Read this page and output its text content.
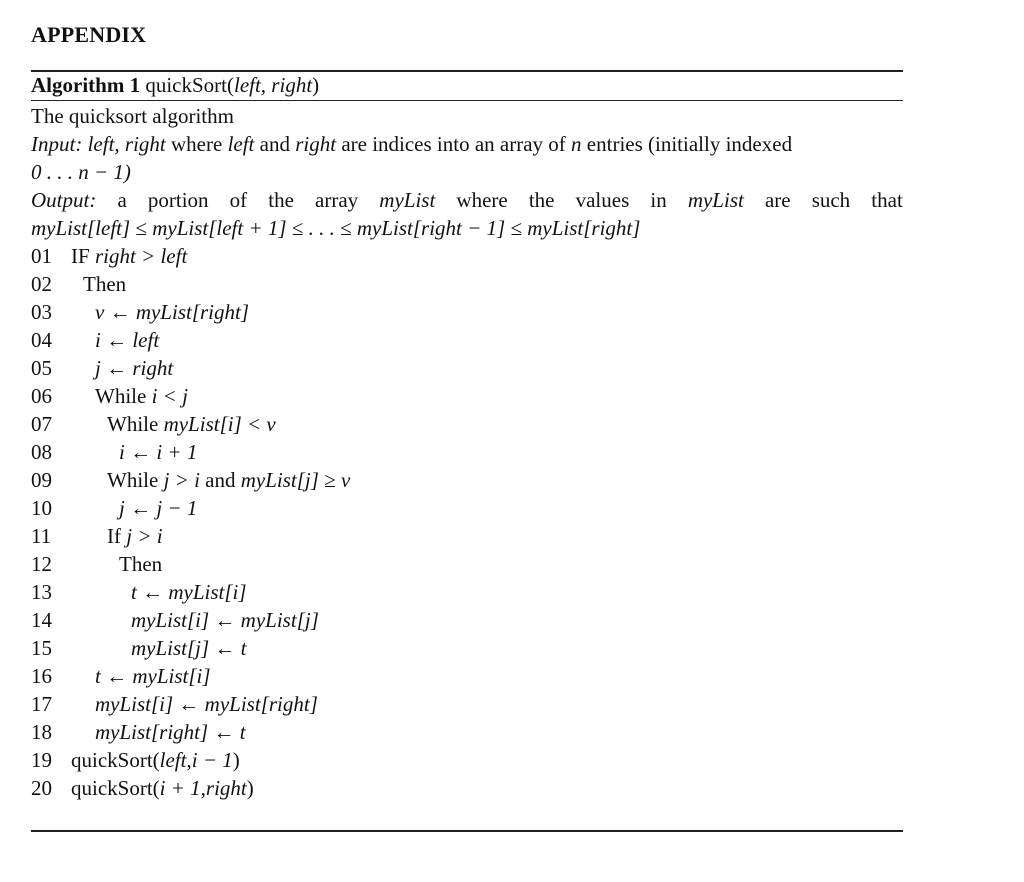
APPENDIX
Algorithm 1 quickSort(left, right)
The quicksort algorithm
Input: left, right where left and right are indices into an array of n entries (initially indexed
0 . . . n − 1)
Output: a portion of the array myList where the values in myList are such that
myList[left] ≤ myList[left + 1] ≤ . . . ≤ myList[right − 1] ≤ myList[right]
01 IF right > left
02	Then
03	v ← myList[right]
04	i ← left
05	j ← right
06	While i < j
07	While myList[i] < v
08	i ← i + 1
09	While j > i and myList[j] ≥ v
10	j ← j − 1
11	If j > i
12	Then
13	t ← myList[i]
14	myList[i] ← myList[j]
15	myList[j] ← t
16	t ← myList[i]
17	myList[i] ← myList[right]
18	myList[right] ← t
19 quickSort(left,i − 1)
20 quickSort(i + 1,right)
